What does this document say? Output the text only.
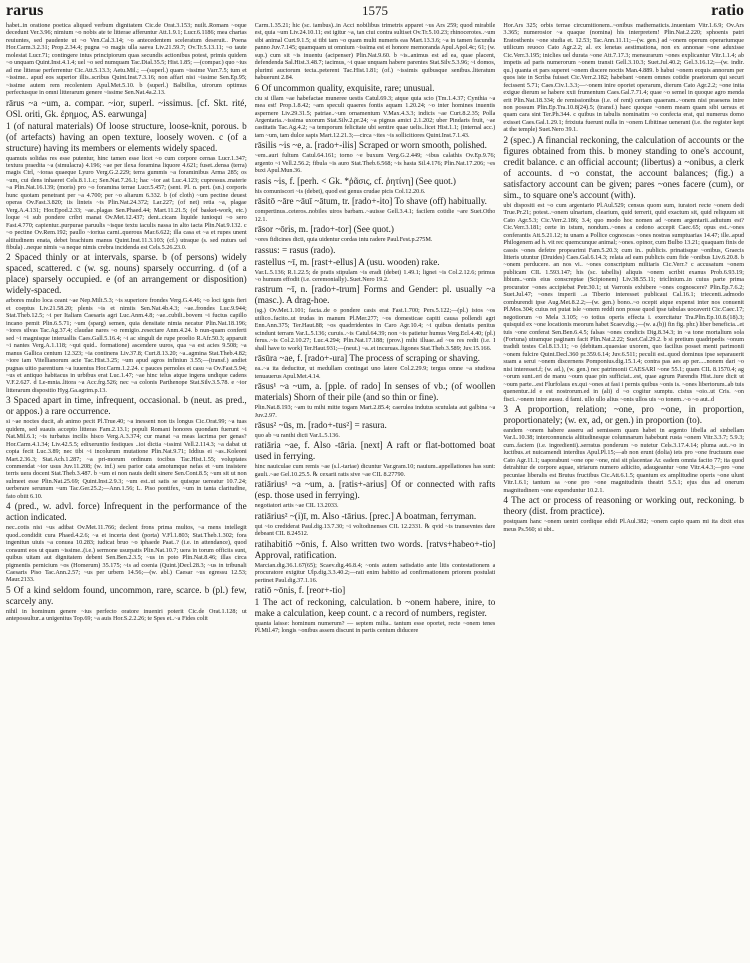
rarus	1575	ratio

habet..in oratione poetica aliqued verbum dignitatem Cic.de Orat.3.153; nuilt..Romam ~oque decedunt Ver.3.96; nimium ~o nobis ate te litterae afferuntur Att.1.9.1; Lucr.6.1186; mea chartas reuiuntes, sed paudente ut ~o Ven.Cal.3.14; ~o antecedentem sceleratum deseruit.. Poena Hor.Carm.3.2.31; Prop.2.34.4; pugna ~o magis ulla saeva Liv.21.59.7; Ov.Tr.5.13.11; ~o taute molestat Lucr.71; contingere intus principiorum quas secundis actionibus potest, primis quidem ~o unquam Quint.Inst.4.1.4; uel ~o sed numquam Tac.Dial.35.5; Hist.1.85; —(compar.) quo ~ius ad me litterae perferrentur Cic.Att.5.13.3; Aetu.Mil.; —(superl.) quam ~issime Varr.7.5; tum et ~issime.. apud eos superior illis..scribus Quint.Inst.7.3.16; non affari nisi ~issime Sen.Ep.95; ~issime autem rem recolentem Apul.Met.5.10. b (superl.) Balbillus, uirorum optimus perfectusque in omni litterarum genere ~issime Sen.Nat.4a.2.13.

rārus ~a ~um, a. compar. ~ior, superl. ~issimus. [cf. Skt. rité, OSl. oriti, Gk. ἐρημος, AS. earwunga]

1 (of natural materials) Of loose structure, loose-knit, porous. b (of artefacts) having an open texture, loosely woven. c (of a structure) having its members or elements widely spaced.

quamuis solidas res esse putentur, hinc tamen esse licet ~o cum corpore cernas Lucr.1.347; textura praedita ~a (simulacra) 4.196; ~ae per ilexa foramina liquore 4.621; fuset..densa (terra) magis Ctrl, ~ioraa quaeque Lyuro Verg.G.2.229; terra gummis ~a foraminibus Arma 285; os ~um, cui dens inhaeret Cels.8.1.1.c; Sen.Nat.7.26.1; hac ~ior ast Luc.4.123; cupressus..materie ~a Plin.Nat.16.139; (moris) pro ~o foramina terrae Lucr.5.457; (sent. Pl. n. pert. (sn.) corporis hunc quotam penetrant per ~a 4.700; per ~o aliarum 6.332. b (of cloth) ~um pectine deuest operas Ov.Fast.3.820; iis linteis ~is Plin.Nat.24.372; Lar.227; (of net) retia ~a, plagae Verg.A.4.131; Hor.Epod.2.33; ~ae..plagas Sen.Phaed.44; Mart.11.21.5; (of basket-work, etc.) loque ~i sub pondere cribri manat Ov.Met.12.437; dent..cicam liquide iunioqui ~o sero Fast.4.770; capientur..purpurae paruulis ~isque textu iaculis nassa in alto iacta Plin.Nat.9.132. c ~o pectine Ov.Rem.192; paullo ~ioriua carni..querous Mar.6.622; illa casa et ~a et rupes unent altitudinem enata, debet brachium manus Quint.Inst.11.3.103; (cf.) utraque (s. sed nuturs uel fibula) ..neque nimis ~a neque nimis crebra incidenda est Cels.5.26.23.0.

2 Spaced thinly or at intervals, sparse. b (of persons) widely spaced, scattered. c (w. sg. nouns) sparsely occurring. d (of a place) sparsely occupied. e (of an arrangement or disposition) widely-spaced.

arbores multo loca ceant ~ae Nep.Milt.5.3; ~is superiore frondes Verg.G.4.46; ~o loci ignis fieri et coeptus Liv.21.58.20; plenis ~is et nimiis Sen.Nat.4b.4.3; ~ae..frondes Luc.9.944; Stat.Theb.12.5; ~i per Italiam Caesaris agri Luc.Anm.4.8; ~ae..cubili..bovem ~i fuctus capillo incano pemit Plin.6.5.71; ~um (sparg) semen, quia densitate nimia necatur Plin.Nat.18.196; ~iores silvas Tac.Ag.37.4; claudae nares ~o remigio..resectare Anm.4.24. b nun-quam conferti sed ~i magnisque interuallis Caes.Gall.5.16.4; ~i ac singuli de rupe proelio R.Afr.50.3; apparuit ~i nantes Verg.A.1.118; ~qui quid.. formatione) ascendere uuros, qua ~a est acies 9.508; ~a manus Gallica centum 12.323; ~ia continens Liv.37.8; Curt.8.13.20; ~a..agmina Stat.Theb.4.82; ~iore iam Vitellianorum acie Tac.Hist.3.25; ~um apud agros infiniun 3.55;—(transf.) andiet pugnas uitio parentium ~a iuuentus Hor.Carm.1.2.24. c pauces pernoles et casu ~a Ov.Fast.5.94; ~us et antiquo habitacus in urbibus erat Luc.1.47; ~ae hinc telus atque ingens undique cadens V.F.2.627. d Le-mnia..litora ~a Acc.frg.526; nec ~a colonis Parthenope Stat.Silv.3.5.78. e ~ior litterarum dispositio Hyg.Ga.agrim.p.13.

3 Spaced apart in time, infrequent, occasional. b (neut. as pred., or appos.) a rare occurrence.

si ~ae noctes ducit, ab animo pecit Pl.True.40; ~a inessent non tis longus Cic.Orat.99; ~a tuas quidem, sed suauis accepto litteras Fam.2.13.1; populi Romani honores quondam fuerunt ~i Nat.Mil.6.1; ~is turbatus incilis hisco Verg.A.3.374; cur manat ~a meas lacrima per genas? Hor.Carm.4.1.34; Liv.42.5.5; edixeruntio festiques ..ioi dictia ~issimi Vell.2.114.3; ~a dabat ut copia fecit Luc.3.89; nec tibi ~i incolurum mutatione Plin.Nat.9.71; Iddius ei ~as..Koleoni Mart.2.36.3; Stat.Ach.1.287; ~a pri-morum ordinum tocibus Tac.Hist.1.55; voluptates commendat ~ior usus Juv.11.208; (w. inf.) seu parior cata amotumque nefas et ~um insistere terris uera docent Stat.Theb.3.487. b ~um ei non nauis dedit sinere Sen.Cont.8.5; ~um sit ut non sulmeet esse Plin.Nat.25.69; Quint.Inst.2.9.3; ~um est..ut satis se quisque uereatur 10.7.24; uerberare serunum ~um Tac.Ger.25.2;—Ann.1.56; L. Piso pontifex, ~um in tanta claritudine, fato obiit 6.10.

4 (pred., w. advl. force) Infrequent in the performance of the action indicated.

nec..cotis nisi ~us adibat Ov.Met.11.766; declent frons prima multos, ~a mens intellegit quod..condidit cura Phaed.4.2.6; ~a et incerta dest (porta) V.Fl.1.803; Stat.Theb.1.302; fora ingenitun uiuis ~a conuea 10.283; iudicat bruo ~o iphaede Paat..? (i.e. in attendance), quod consumt eos ut quam ~issime..(i.e.) sermone usurpatis Plin.Nat.10.7; uera in torum officiis sunt, quibus uitam aut dignitatem debent Sen.Ben.2.3.5; ~us in poto Plin.Nat.8.46; illas circa pigmentis pernicium ~os (Homerum) 35.175; ~is ad coenia (Quint.)Decl.28.3; ~us in tribunali Caesaris Piso Tac.Ann.2.57; ~us per urbem 14.56;—(w. abl.) Caesar ~us egressu 12.53; Maur.2133.

5 Of a kind seldom found, uncommon, rare, scarce. b (pl.) few, scarcely any.

nihil in hominum genere ~ius perfecto oratore inueniri poterit Cic.de Orat.1.128; ut antepossultur..a unigenitus Top.69; ~a auis Hor.S.2.2.26; te Spes et..~a Fides colit

Carm.1.35.21; hic (sc. iambus)..in Acci nobilibus trimetris apparet ~us Ars 259; quod mirabile est, quia ~um Liv.24.10.11; est igitur ~a, tan ciui contra sultiset Ov.Tr.5.10.23; rhinocerotes..~um sibi animal Curt.9.1.5; si tibi tam ~o quam multi numeris eas Mart.13.3.6; ~a in tamen facundia panno Juv.7.145; quamquam ut omnium ~issima est et honore memoranda Apul.Apol.4c; 61; (w. sup.) cum sit ~is inuentu (acipenser) Plin.Nat.9.60. b ~is..animus est ad ea, quae placent, defendenda Sal.Hist.3.48.7; iacimus, ~i quae unquam habere parentes Stat.Silv.5.3.96; ~i domos, plurimi auctorum tecta..peterent Tac.Hist.1.81; (of.) ~issimis quibusque senibus..literatum habuerunt 2.84.

6 Of uncommon quality, exquisite, rare; unusual.

ciu si illam ~ae habefactae muneree uestis Catul.69.3; atque quia scio (Tm.1.4.37; Cynthia ~a mea est! Prop.1.8.42; ~am speculi quaeres fontis aquam 1.20.24; ~o inter homines inuentis aspernere Liv.29.31.5; patriae..~um ornamentum V.Max.4.3.3; indicis ~ae Curt.8.2.35; Polla Argentaria..~issima uxorum Stat.Silv.2.pr.24; ~a pignus amici 2.1.202; uber Pindaris fruit, ~ae castitatis Tac.Ag.4.2; ~a temporum felicitate ubi sentire quae uelis..licet Hist.1.1; (internal acc.) tam ~um, tam dulce sapis Mart.12.21.3;—circa ~ites ~is sollicitiores Quint.Inst.7.1.43.

rāsilis ~is ~e, a. [rado+-ilis] Scraped or worn smooth, polished.

~em..auri fultum Catul.64.161; torno ~e buxum Verg.G.2.449; ~ibus calathis Ov.Ep.9.76; argento ~i Vell.2.56.2; fibula ~is auro Stat.Theb.6.568; ~is hasta Sil.4.176; Plin.Nat.17.206; ~es buxi Apul.Mun.36.

rasis ~is, f. [perh. < Gk. *ῥᾶσις, cf. ῥητίνη] (See quot.)

his comuniscori ~is (debet), quod est genus crudae picis Col.12.20.6.

rāsitō ~āre ~āuī ~ātum, tr. [rado+-ito] To shave (off) habitually.

compertinus..ceteros..nobiles uiros barbam..~auisse Gell.3.4.1; facilem cotidie ~are Suet.Otho 12.1.

rāsor ~ōris, m. [rado+-tor] (See quot.)

~ores fidicines dicti, quia uidentur cordas intu radere Paul.Fest.p.275M.

rassus: = rasus (rado).

rastellus ~ī, m. [rast+-ellus] A (usu. wooden) rake.

Var.L.5.136; R.1.22.5; de pratis stipulam ~is eradi (debet) 1.49.1; lignei ~is Col.2.12.6; primus ~o humum effodit (i.e. ceremonially)..Suet.Nero 19.2.

rastrum ~ī, n. [rado+-trum] Forms and Gender: pl. usually ~a (masc.). A drag-hoe.

(sg.) Ov.Met.1.101; facta..de o pondere casis erat Fast.1.700; Pers.5.122;—(pl.) istos ~os utilico..facito..ut trudas in manum Pl.Mer.277; ~os domesticae capiti causa pollendi agri Enn.Ann.375; Ter.Haut.88; ~os quadrridentes in Caro Agr.10.4; ~i quibus dentatis penitus scindunt terram Var.L.5.136; curuis..~is Catul.64.39; non ~is patietur humus Verg.Ecl.4.40; (pl.) ferus..~is Col.2.10.27; Luc.4.294; Plin.Nat.17.188; (prov.) mihi illuae..ad ~os res redit (i.e. I shall have to work) Ter.Haut.931;—(neut.) ~a..et incuruas..ligones Stat.Theb.3.589; Juv.15.166.

rāsūra ~ae, f. [rado+-ura] The process of scraping or shaving.

ea..~a ita deducitur, ut medullam contingat uno latere Col.2.29.9; tergus omne ~a studiosa tenuauerus Apul.Met.4.14.

rāsus¹ ~a ~um, a. [pple. of rado] In senses of vb.; (of woollen materials) Shorn of their pile (and so thin or fine).

Plin.Nat.8.193; ~am tu mihi mitte togam Mart.2.85.4; caerulea indutus scutulata aut galbina ~a Juv.2.97.

rāsus² ~ūs, m. [rado+-tus²] = rasura.

quo ab ~u ranthi dicti Var.L.5.136.

ratiāria ~ae, f. Also -tāria. [next] A raft or flat-bottomed boat used in ferrying.

hinc nauiculae cum remis ~ae (s.l.-tariae) dicuntur Var.gram.10; nauium..appellationes has sunt: gauli..~ae Gel.10.25.5. ℞ cexarii ratis sive ~ae CIL 8.27790.

ratiārius¹ ~a ~um, a. [ratis+-arius] Of or connected with rafts (esp. those used in ferrying).

negotiatori artis ~ae CIL 13.2033.

ratiārius² ~(i)ī, m. Also -tārius. [prec.] A boatman, ferryman.

qui ~io crediderat Paul.dig.13.7.30; ~i voltodinenses CIL 12.2331. ℞ qvid ~is transevntes dare debeant CIL 8.24512.

ratihabitiō ~ōnis, f. Also written two words. [ratvs+habeo+-tio] Approval, ratification.

Marcian.dig.36.1.67(65); Scaev.dig.46.8.4; ~onis autem satisdatio ante litis contestationem a procuratore exigitur Ulp.dig.3.3.40.2;—rati enim habitio ad confirmationem priorem postulati pertinet Paul.dig.37.1.16.

ratiō ~ōnis, f. [reor+-tio]

1 The act of reckoning, calculation. b ~onem habere, inire, to make a calculation, keep count. c a record of numbers, register.

quanta laisse: hominum numerum? — septem milia.. tantum esse oportet, recte ~onem tenes Pl.Mil.47; longis ~onibus assem discunt in partis centum diducere

Hor.Ars 325; orbis terrae circumitionem..~onibus mathematicis..inuentam Vitr.1.6.9; Ov.Ars 3.365; numerosior ~a quaque (nomina) his interpretem! Plin.Nat.2.220; sphoenis patri Eratosthenis ~one studia et. 12.53; Tac.Ann.11.11;—(w. gen.) ad ~onem operum operariumque utilicum reuoco Cato Agr.2.2; al. ex lenetas aestimationa, non ex annonae ~one aduxisse Cic.Verr.3.195; iniclies uel durata ~one Att.7.17.3; mensurarum ~ones explicantur Vitr.1.1.4; ab impetis ad paris numerorum ~onem transit Gell.3.10.3; Suet.Jul.40.2; Gel.3.16.12;—(w. indir. qu.) quanta et pars superet ~onem discere noctis Man.4.889. b habui ~onem ecquis annorum per quos iste in Scriba fuisset Cic.Verr.2.182; habebant ~onem omnes cotidie praetorum qui securi fecissent 5.71; Caes.Civ.1.3.3;—~onem inire oportet operarum, dierum Cato Agr.2.2; ~one inita exigue dierum se habere xxii frumentum Caes.Gal.7.71.4; quae ~o semel in quoque agro menda erit Plin.Nat.18.334; de remissionibus (i.e. of rent) certam quaeram..~onem nisi praesens inire non possum Plin.Ep.Tra.10.8(24).5; (transf.) haec quoque ~onem meam quam sibi uersus et quam cara sint Ter.Ph.344. c quibus in tabulis nominatim ~o confecta erat, qui numerus domo exisset Caes.Gal.1.29.1; frixiuta fuerunt nulla in ~onem Libitinae uenerant (i.e. the register kept at the temple) Suet.Nero 39.1.

2 (spec.) A financial reckoning, the calculation of accounts or the figures obtained from this. b money standing to one's account, credit balance. c an official account; (libertus) a ~onibus, a clerk of accounts. d ~o constat, the account balances; (fig.) a satisfactory account can be given; pares ~ones facere (cum), or sim., to square one's account (with).

ubi dispositi est ~o cum argentario Pl.Aul.529; census quom sum, iuratori recte ~onem dedi True.Pr.21; potest..~onem ulnarium, clearium, quid terrerit, quid exactum sit, quid reliquum sit Cato Agr.5.3; Cic.Verr.2.186; 3.4; quo modo hoc nomen ad ~onem argentarii..adiutum est? Cic.Verr.3.181; certe in istum, nondum..~ones a cedono accepit Caec.65; opus est..~ones conferantis Att.5.21.12; tu unam a Pollice cognoscas ~ones nostras sumptuarias 14.47; ille..apud Philogenem ad h. vit rec quemcunque animal; ~ones. opinor, cum Bulbo 13.21; quaquam finis de cassis ~ones defetre propearimi Fam.5.20.3; cum in.. publicis. prinatisque ~onibus, Graecis litteris utuntur (Druides) Caes.Gal.6.14.3; relata ad eam publicis cum fide ~onibus Liv.6.20.8. b ~onem perducere. an nos vi.. ~ones conscriptum militaris Cic.Verr.? c accusatum ~onem publicam CIL 1.593.147; his (sc. tabellis) aliquis ~onem scribit exanus Prob.6.93.19; libium..~onis eius conscreptae (Scipionem) Liv.38.55.11; triclinium..in cuius parte prima procurator ~ones accipiebat Petr.30.1; ut Varronis exhibere ~ones cognoscere? Plin.Ep.7.6.2; Suet.Jul.47; ~ones imperii ..a Tiberio interesset publicaui Cal.16.1; triecenti..admodo comburendi ipse Aug.Met.8.2.2;—(w. gen.) bono..~o ocepit atque expensi inter nos conuenit Pl.Mos.304; cuius rei putat isle ~onem reddi non posse quod ipse tabulas uocaverit Cic.Caec.17; negotiorum ~o Mela 3.105; ~o totius operis effecta i. exercitatur Tra.Plin.Ep.10.8.(18).3; quisquid ex ~one locationis meorum habet Scaev.dig.;—(w. a.(b)) fin fig. phr.) liber beneficia...et tuis ~one conferat Sen.Ben.6.4.5; falsas ~ones condicis Dig.8.34.3; in ~a tone mortalium sola (Fortuna) utramque paginam facit Plin.Nat.2.22; Suet.Cal.29.2. b si pretium quadripedis ~onum tradidi testes Cel.8.13.11; ~o (debitam..quaesiae uxorem, quo facilius posset menti parimonii ~onem fulcire Quint.Decl.360 pr.359.6.14; Juv.6.511; peculii est..quod dominus ipse separauerit suam a serui ~onem discernens Pomponius.dig.15.1.4; contra pas aes ap per.....nonem dari ~o nisi interesset.f; (w. ad.), (w. gen.) nec patrimonii CAESARI ~one 55.1; quam CIL 8.1570.4; ag ~orum sunt..eri de manu ~oum quae pin sufficiat...est, quae agrum Parendis Hist..iure dicit ut ~oum parte...est Flurfolaus ex.qui ~ones at fasi i pernis quibus ~onis is. ~ones libertorum..ab tuis quenentur..id e est nostrorum.ed in (ali) d ~o cogitur sumptu. cistus ~oio..ut Cris. ~on fisci..~onem inire aussu. d fami. ullo ullo alius ~onis ullos uis ~o tonem..~o ~o aut..d

3 A proportion, relation; ~one, pro ~one, in proportion, proportionately; (w. ex, ad, or gen.) in proportion (to).

eandem ~onem habere asseru ad semissem quam habet in argento libella ad sinbellam Var.L.10.38; interconnuncia altitudinesque columnarum habebunt rusta ~onem Vitr.3.3.7; 5.9.3; cum..faciem (i.e. ingredienti)..serratus ponderum ~o nutetur Cels.3.17.4.14; pluma aut..~o in luctibus..et nuicamendi interdius Apul.Pl.15;—ab non erunt (dolia) iets pro ~one fructuum esse Cato Agr.11.1; uaporabunt ~one ope ~one, nisi sit placentae Ar. eadem omnia facito 77; ita quod detrahitur de corpore aquae, striarum numero adiicito, adaugeantur ~one Vitr.4.4.3;—pro ~one pecuniae liberalis est Brutus fructibus Cic.Att.6.1.5; quantum ex amplitudine operis ~one ulunt Vitr.1.6.1; tantum sa ~one pro ~one magnitudinis theatri 5.5.1; ejus dus ad onerum magnitudinem ~one expenduntur 10.2.1.

4 The act or process of reasoning or working out, reckoning. b theory (dist. from practice).

postquam hanc ~onem uentri cordique edidi Pl.Aul.382; ~onem capio quam mi ita dixit eius meus Ps.560; si ubi..
